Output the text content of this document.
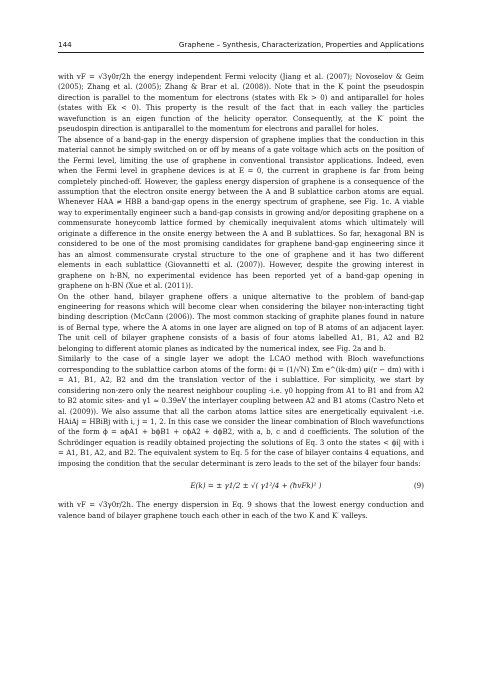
144	Graphene – Synthesis, Characterization, Properties and Applications

with vF = √3γ0r/2h the energy independent Fermi velocity (Jiang et al. (2007); Novoselov & Geim (2005); Zhang et al. (2005); Zhang & Brar et al. (2008)). Note that in the K point the pseudospin direction is parallel to the momentum for electrons (states with Ek > 0) and antiparallel for holes (states with Ek < 0). This property is the result of the fact that in each valley the particles wavefunction is an eigen function of the helicity operator. Consequently, at the K′ point the pseudospin direction is antiparallel to the momentum for electrons and parallel for holes.

The absence of a band-gap in the energy dispersion of graphene implies that the conduction in this material cannot be simply switched on or off by means of a gate voltage which acts on the position of the Fermi level, limiting the use of graphene in conventional transistor applications. Indeed, even when the Fermi level in graphene devices is at E = 0, the current in graphene is far from being completely pinched-off. However, the gapless energy dispersion of graphene is a consequence of the assumption that the electron onsite energy between the A and B sublattice carbon atoms are equal. Whenever HAA ≠ HBB a band-gap opens in the energy spectrum of graphene, see Fig. 1c. A viable way to experimentally engineer such a band-gap consists in growing and/or depositing graphene on a commensurate honeycomb lattice formed by chemically inequivalent atoms which ultimately will originate a difference in the onsite energy between the A and B sublattices. So far, hexagonal BN is considered to be one of the most promising candidates for graphene band-gap engineering since it has an almost commensurate crystal structure to the one of graphene and it has two different elements in each sublattice (Giovannetti et al. (2007)). However, despite the growing interest in graphene on h-BN, no experimental evidence has been reported yet of a band-gap opening in graphene on h-BN (Xue et al. (2011)).

On the other hand, bilayer graphene offers a unique alternative to the problem of band-gap engineering for reasons which will become clear when considering the bilayer non-interacting tight binding description (McCann (2006)). The most common stacking of graphite planes found in nature is of Bernal type, where the A atoms in one layer are aligned on top of B atoms of an adjacent layer. The unit cell of bilayer graphene consists of a basis of four atoms labelled A1, B1, A2 and B2 belonging to different atomic planes as indicated by the numerical index, see Fig. 2a and b.

Similarly to the case of a single layer we adopt the LCAO method with Bloch wavefunctions corresponding to the sublattice carbon atoms of the form: ϕi = (1/√N) Σm e^(ik·dm) φi(r − dm) with i = A1, B1, A2, B2 and dm the translation vector of the i sublattice. For simplicity, we start by considering non-zero only the nearest neighbour coupling -i.e. γ0 hopping from A1 to B1 and from A2 to B2 atomic sites- and γ1 ≈ 0.39eV the interlayer coupling between A2 and B1 atoms (Castro Neto et al. (2009)). We also assume that all the carbon atoms lattice sites are energetically equivalent -i.e. HAiAj = HBiBj with i, j = 1, 2. In this case we consider the linear combination of Bloch wavefunctions of the form ϕ = aϕA1 + bϕB1 + cϕA2 + dϕB2, with a, b, c and d coefficients. The solution of the Schrödinger equation is readily obtained projecting the solutions of Eq. 3 onto the states < ϕi| with i = A1, B1, A2, and B2. The equivalent system to Eq. 5 for the case of bilayer contains 4 equations, and imposing the condition that the secular determinant is zero leads to the set of the bilayer four bands:

E(k) = ± γ1/2 ± √( γ1²/4 + (ħvFk)² )	(9)

with vF = √3γ0r/2h. The energy dispersion in Eq. 9 shows that the lowest energy conduction and valence band of bilayer graphene touch each other in each of the two K and K′ valleys.
